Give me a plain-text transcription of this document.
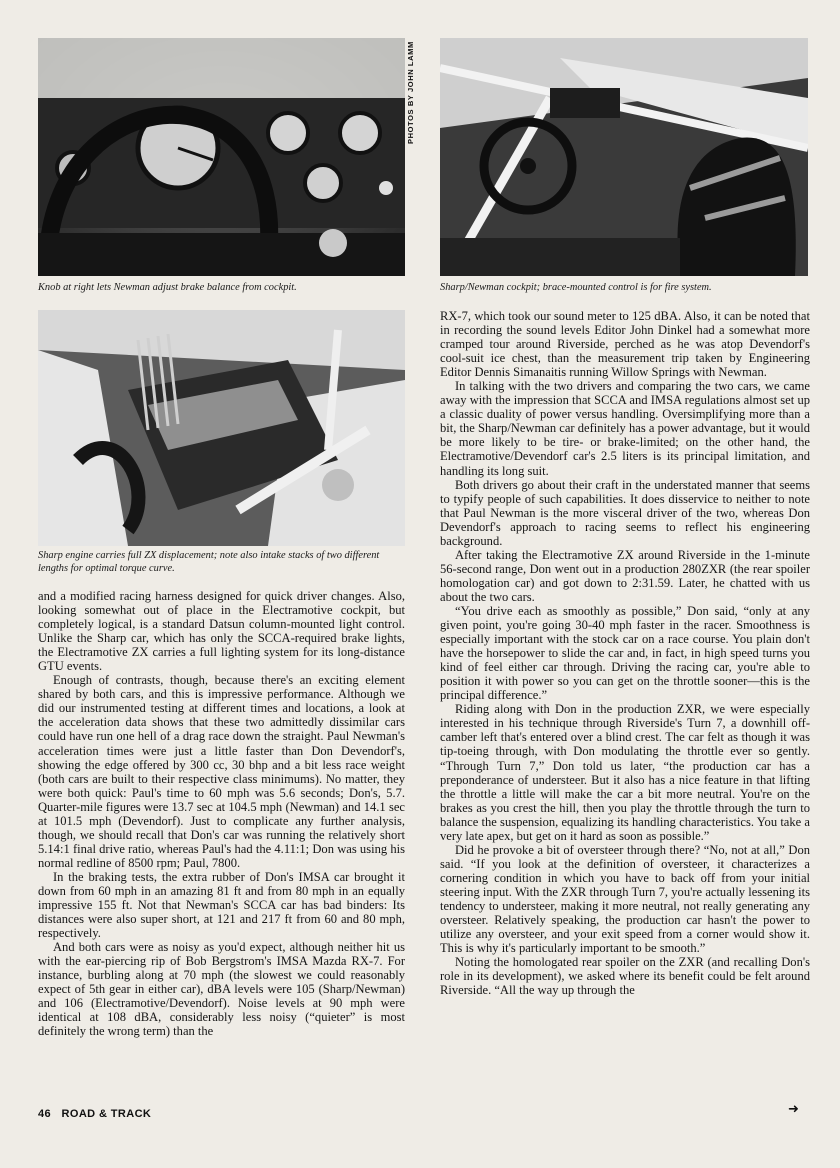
PHOTOS BY JOHN LAMM

Knob at right lets Newman adjust brake balance from cockpit.	Sharp/Newman cockpit; brace-mounted control is for fire system.

Sharp engine carries full ZX displacement; note also intake stacks of two different lengths for optimal torque curve.

and a modified racing harness designed for quick driver changes. Also, looking somewhat out of place in the Electramotive cockpit, but completely logical, is a standard Datsun column-mounted light control. Unlike the Sharp car, which has only the SCCA-required brake lights, the Electramotive ZX carries a full lighting system for its long-distance GTU events.

Enough of contrasts, though, because there's an exciting element shared by both cars, and this is impressive performance. Although we did our instrumented testing at different times and locations, a look at the acceleration data shows that these two admittedly dissimilar cars could have run one hell of a drag race down the straight. Paul Newman's acceleration times were just a little faster than Don Devendorf's, showing the edge offered by 300 cc, 30 bhp and a bit less race weight (both cars are built to their respective class minimums). No matter, they were both quick: Paul's time to 60 mph was 5.6 seconds; Don's, 5.7. Quarter-mile figures were 13.7 sec at 104.5 mph (Newman) and 14.1 sec at 101.5 mph (Devendorf). Just to complicate any further analysis, though, we should recall that Don's car was running the relatively short 5.14:1 final drive ratio, whereas Paul's had the 4.11:1; Don was using his normal redline of 8500 rpm; Paul, 7800.

In the braking tests, the extra rubber of Don's IMSA car brought it down from 60 mph in an amazing 81 ft and from 80 mph in an equally impressive 155 ft. Not that Newman's SCCA car has bad binders: Its distances were also super short, at 121 and 217 ft from 60 and 80 mph, respectively.

And both cars were as noisy as you'd expect, although neither hit us with the ear-piercing rip of Bob Bergstrom's IMSA Mazda RX-7. For instance, burbling along at 70 mph (the slowest we could reasonably expect of 5th gear in either car), dBA levels were 105 (Sharp/Newman) and 106 (Electramotive/Devendorf). Noise levels at 90 mph were identical at 108 dBA, considerably less noisy (“quieter” is most definitely the wrong term) than the

RX-7, which took our sound meter to 125 dBA. Also, it can be noted that in recording the sound levels Editor John Dinkel had a somewhat more cramped tour around Riverside, perched as he was atop Devendorf's cool-suit ice chest, than the measurement trip taken by Engineering Editor Dennis Simanaitis running Willow Springs with Newman.

In talking with the two drivers and comparing the two cars, we came away with the impression that SCCA and IMSA regulations almost set up a classic duality of power versus handling. Oversimplifying more than a bit, the Sharp/Newman car definitely has a power advantage, but it would be more likely to be tire- or brake-limited; on the other hand, the Electramotive/Devendorf car's 2.5 liters is its principal limitation, and handling its long suit.

Both drivers go about their craft in the understated manner that seems to typify people of such capabilities. It does disservice to neither to note that Paul Newman is the more visceral driver of the two, whereas Don Devendorf's approach to racing seems to reflect his engineering background.

After taking the Electramotive ZX around Riverside in the 1-minute 56-second range, Don went out in a production 280ZXR (the rear spoiler homologation car) and got down to 2:31.59. Later, he chatted with us about the two cars.

“You drive each as smoothly as possible,” Don said, “only at any given point, you're going 30-40 mph faster in the racer. Smoothness is especially important with the stock car on a race course. You plain don't have the horsepower to slide the car and, in fact, in high speed turns you kind of feel either car through. Driving the racing car, you're able to position it with power so you can get on the throttle sooner—this is the principal difference.”

Riding along with Don in the production ZXR, we were especially interested in his technique through Riverside's Turn 7, a downhill off-camber left that's entered over a blind crest. The car felt as though it was tip-toeing through, with Don modulating the throttle ever so gently. “Through Turn 7,” Don told us later, “the production car has a preponderance of understeer. But it also has a nice feature in that lifting the throttle a little will make the car a bit more neutral. You're on the brakes as you crest the hill, then you play the throttle through the turn to balance the suspension, equalizing its handling characteristics. You take a very late apex, but get on it hard as soon as possible.”

Did he provoke a bit of oversteer through there? “No, not at all,” Don said. “If you look at the definition of oversteer, it characterizes a cornering condition in which you have to back off from your initial steering input. With the ZXR through Turn 7, you're actually lessening its tendency to understeer, making it more neutral, not really generating any oversteer. Relatively speaking, the production car hasn't the power to utilize any oversteer, and your exit speed from a corner would show it. This is why it's particularly important to be smooth.”

Noting the homologated rear spoiler on the ZXR (and recalling Don's role in its development), we asked where its benefit could be felt around Riverside. “All the way up through the

46 ROAD & TRACK	➜
